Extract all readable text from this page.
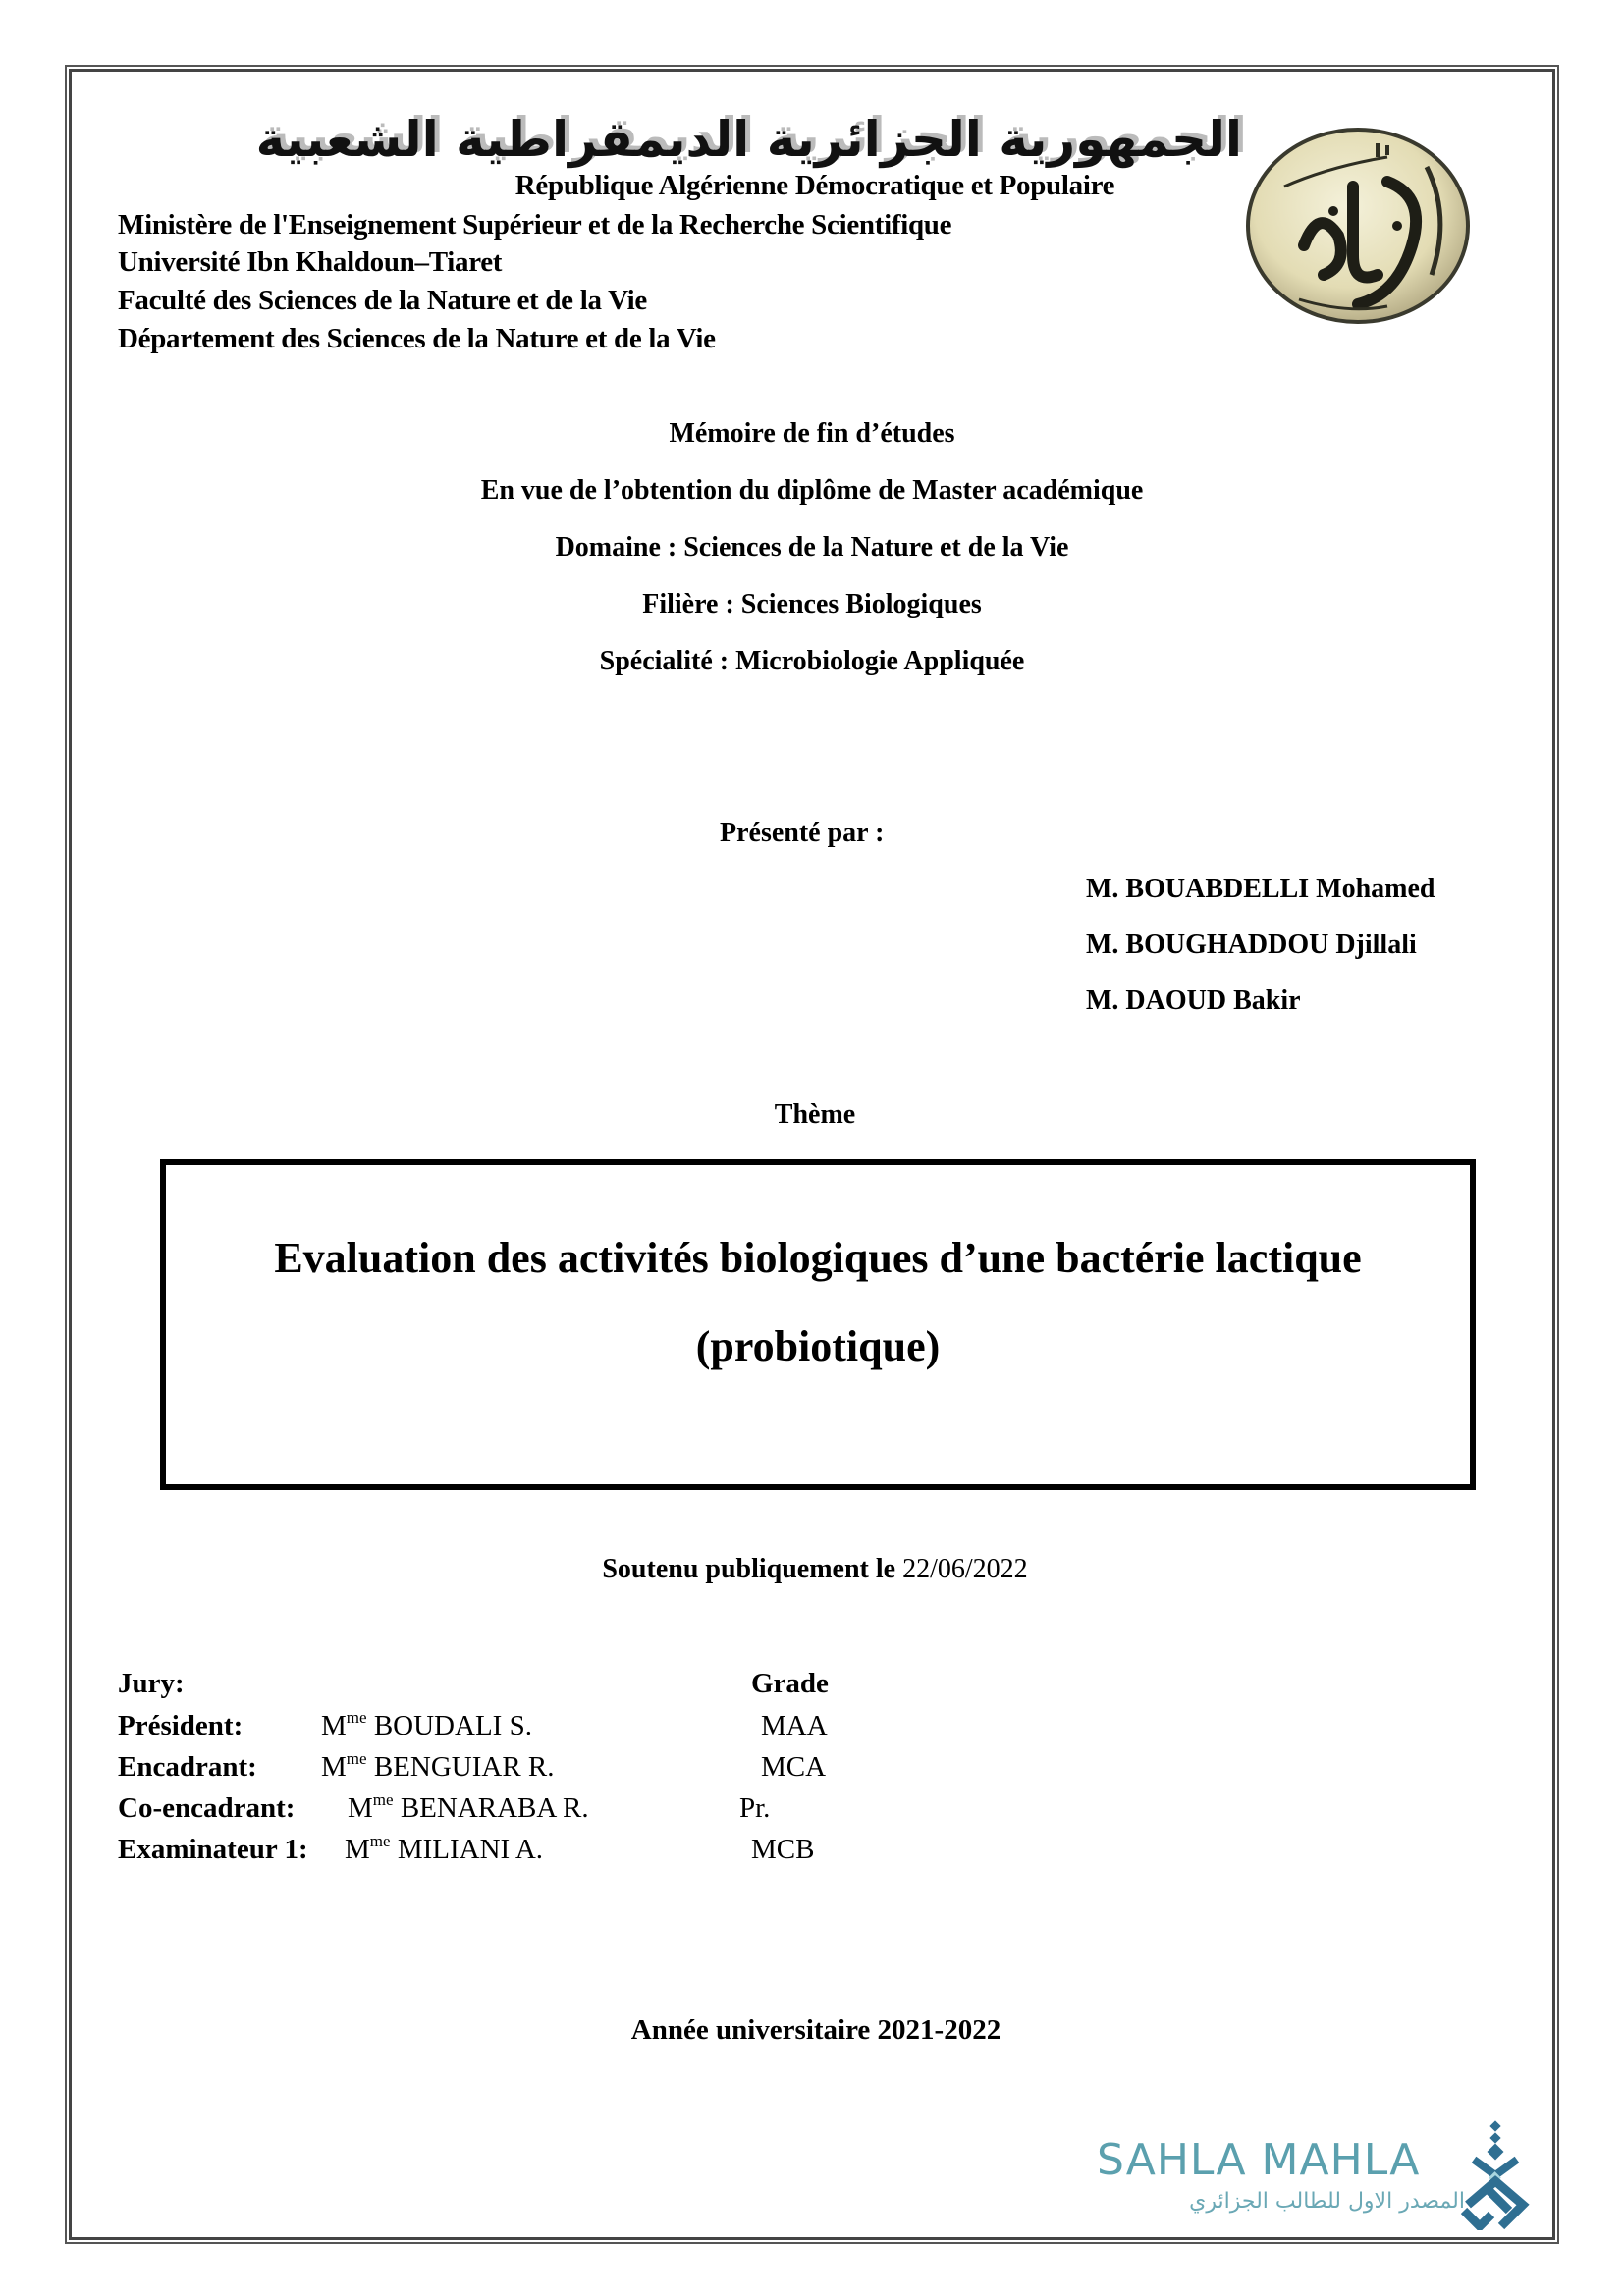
الجمهورية الجزائرية الديمقراطية الشعبية
République Algérienne Démocratique et Populaire
Ministère de l'Enseignement Supérieur et de la Recherche Scientifique
Université Ibn Khaldoun–Tiaret
Faculté des Sciences de la Nature et de la Vie
Département des Sciences de la Nature et de la Vie
Mémoire de fin d’études
En vue de l’obtention du diplôme de Master académique
Domaine : Sciences de la Nature et de la Vie
Filière : Sciences Biologiques
Spécialité : Microbiologie Appliquée
Présenté par :
M. BOUABDELLI Mohamed
M. BOUGHADDOU Djillali
M. DAOUD Bakir
Thème
Evaluation des activités biologiques d’une bactérie lactique
(probiotique)
Soutenu publiquement le 22/06/2022
Jury:	Grade
Président:	$M^{me}$ BOUDALI S.	MAA
Encadrant: $M^{me}$ BENGUIAR R.	MCA
Co-encadrant: $M^{me}$ BENARABA R.	Pr.
Examinateur 1: $M^{me}$ MILIANI A.	MCB
Année universitaire 2021-2022
SAHLA MAHLA
المصدر الاول للطالب الجزائري
